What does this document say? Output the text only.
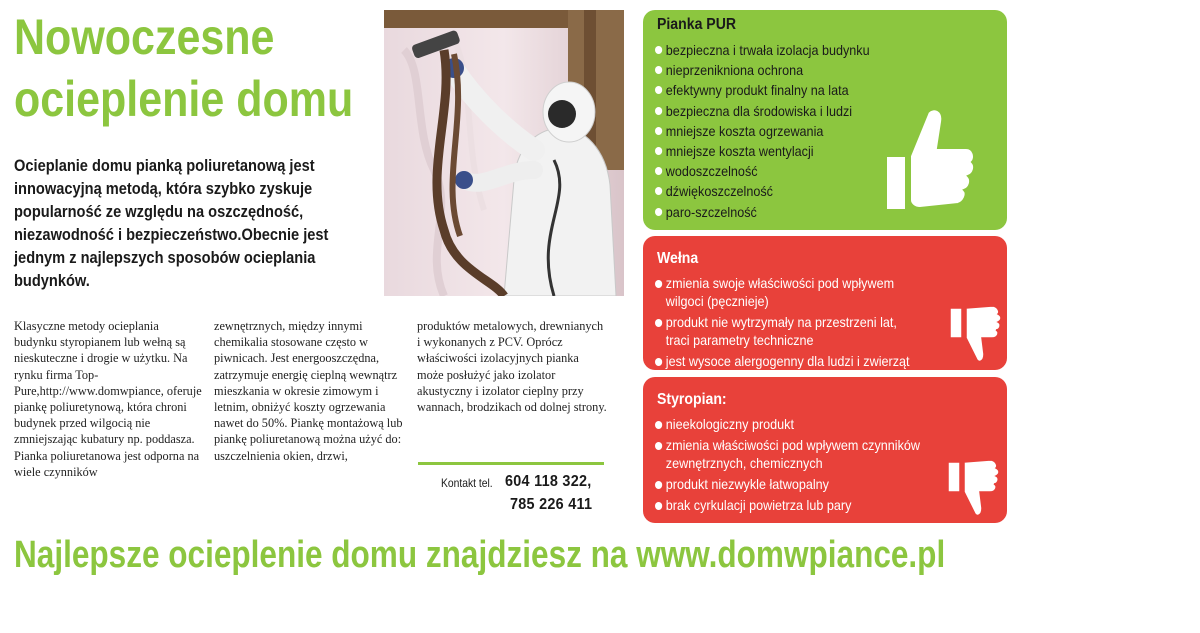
Nowoczesne
ocieplenie domu

Ocieplanie domu pianką poliuretanową jest innowacyjną metodą, która szybko zyskuje popularność ze względu na oszczędność, niezawodność i bezpieczeństwo.Obecnie jest jednym z najlepszych sposobów ocieplania budynków.

Klasyczne metody ocieplania budynku styropianem lub wełną są nieskuteczne i drogie w użytku. Na rynku firma Top-Pure,http://www.domwpiance, oferuje piankę poliuretynową, która chroni budynek przed wilgocią nie zmniejszając kubatury np. poddasza. Pianka poliuretanowa jest odporna na wiele czynników

zewnętrznych, między innymi chemikalia stosowane często w piwnicach. Jest energooszczędna, zatrzymuje energię cieplną wewnątrz mieszkania w okresie zimowym i letnim, obniżyć koszty ogrzewania nawet do 50%. Piankę montażową lub piankę poliuretanową można użyć do: uszczelnienia okien, drzwi,

produktów metalowych, drewnianych i wykonanych z PCV. Oprócz właściwości izolacyjnych pianka może posłużyć jako izolator akustyczny i izolator cieplny przy wannach, brodzikach od dolnej strony.

Kontakt tel. 604 118 322,
785 226 411
Pianka PUR
bezpieczna i trwała izolacja budynku
nieprzenikniona ochrona
efektywny produkt finalny na lata
bezpieczna dla środowiska i ludzi
mniejsze koszta ogrzewania
mniejsze koszta wentylacji
wodoszczelność
dźwiękoszczelność
paro-szczelność
Wełna
zmienia swoje właściwości pod wpływem
wilgoci (pęcznieje)
produkt nie wytrzymały na przestrzeni lat,
traci parametry techniczne
jest wysoce alergogenny dla ludzi i zwierząt
Styropian:
nieekologiczny produkt
zmienia właściwości pod wpływem czynników
zewnętrznych, chemicznych
produkt niezwykle łatwopalny
brak cyrkulacji powietrza lub pary
Najlepsze ocieplenie domu znajdziesz na www.domwpiance.pl
